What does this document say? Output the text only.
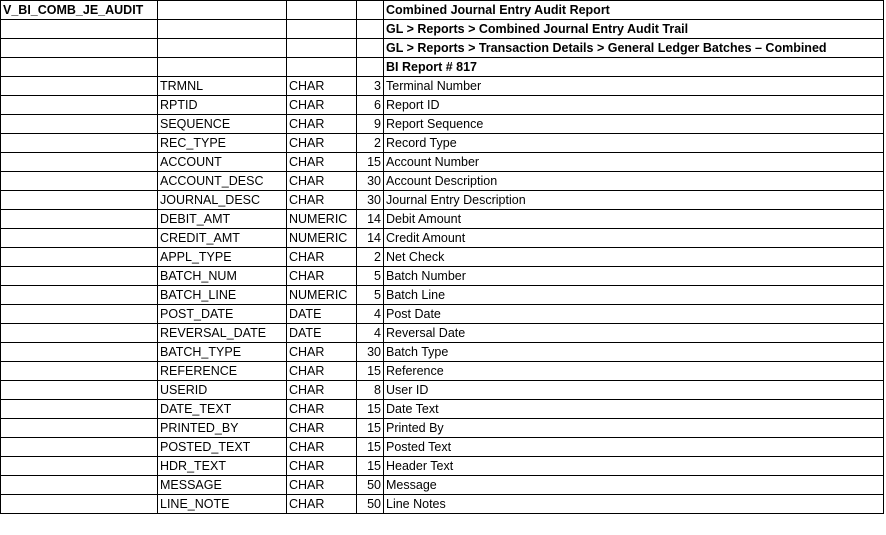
V_BI_COMB_JE_AUDIT				Combined Journal Entry Audit Report
				GL > Reports > Combined Journal Entry Audit Trail
				GL > Reports > Transaction Details > General Ledger Batches – Combined
				BI Report # 817
	TRMNL	CHAR	3	Terminal Number
	RPTID	CHAR	6	Report ID
	SEQUENCE	CHAR	9	Report Sequence
	REC_TYPE	CHAR	2	Record Type
	ACCOUNT	CHAR	15	Account Number
	ACCOUNT_DESC	CHAR	30	Account Description
	JOURNAL_DESC	CHAR	30	Journal Entry Description
	DEBIT_AMT	NUMERIC	14	Debit Amount
	CREDIT_AMT	NUMERIC	14	Credit Amount
	APPL_TYPE	CHAR	2	Net Check
	BATCH_NUM	CHAR	5	Batch Number
	BATCH_LINE	NUMERIC	5	Batch Line
	POST_DATE	DATE	4	Post Date
	REVERSAL_DATE	DATE	4	Reversal Date
	BATCH_TYPE	CHAR	30	Batch Type
	REFERENCE	CHAR	15	Reference
	USERID	CHAR	8	User ID
	DATE_TEXT	CHAR	15	Date Text
	PRINTED_BY	CHAR	15	Printed By
	POSTED_TEXT	CHAR	15	Posted Text
	HDR_TEXT	CHAR	15	Header Text
	MESSAGE	CHAR	50	Message
	LINE_NOTE	CHAR	50	Line Notes
